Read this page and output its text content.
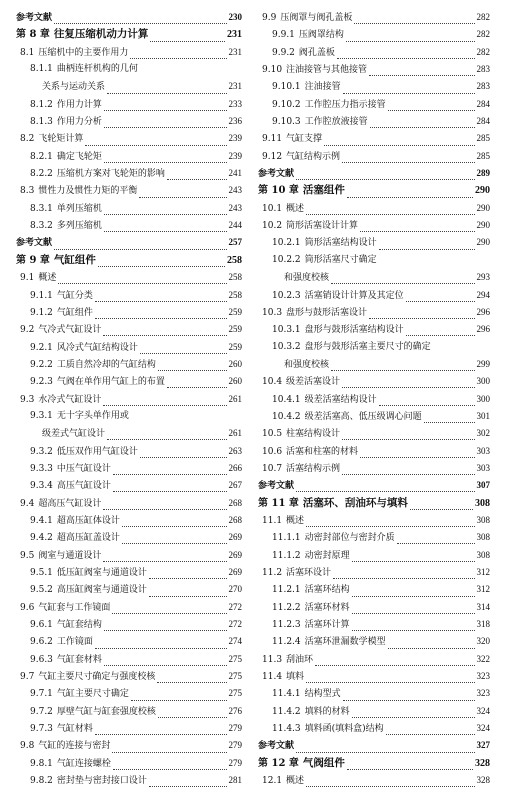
参考文献	230
第 8 章 往复压缩机动力计算	231
8.1 压缩机中的主要作用力	231
8.1.1 曲柄连杆机构的几何
关系与运动关系	231
8.1.2 作用力计算	233
8.1.3 作用力分析	236
8.2 飞轮矩计算	239
8.2.1 确定飞轮矩	239
8.2.2 压缩机方案对飞轮矩的影响	241
8.3 惯性力及惯性力矩的平衡	243
8.3.1 单列压缩机	243
8.3.2 多列压缩机	244
参考文献	257
第 9 章 气缸组件	258
9.1 概述	258
9.1.1 气缸分类	258
9.1.2 气缸组件	259
9.2 气冷式气缸设计	259
9.2.1 风冷式气缸结构设计	259
9.2.2 工质自然冷却的气缸结构	260
9.2.3 气阀在单作用气缸上的布置	260
9.3 水冷式气缸设计	261
9.3.1 无十字头单作用或
级差式气缸设计	261
9.3.2 低压双作用气缸设计	263
9.3.3 中压气缸设计	266
9.3.4 高压气缸设计	267
9.4 超高压气缸设计	268
9.4.1 超高压缸体设计	268
9.4.2 超高压缸盖设计	269
9.5 阀室与通道设计	269
9.5.1 低压缸阀室与通道设计	269
9.5.2 高压缸阀室与通道设计	270
9.6 气缸套与工作镜面	272
9.6.1 气缸套结构	272
9.6.2 工作镜面	274
9.6.3 气缸套材料	275
9.7 气缸主要尺寸确定与强度校核	275
9.7.1 气缸主要尺寸确定	275
9.7.2 厚壁气缸与缸套强度校核	276
9.7.3 气缸材料	279
9.8 气缸的连接与密封	279
9.8.1 气缸连接螺栓	279
9.8.2 密封垫与密封接口设计	281
9.9 压阀罩与阀孔盖板	282
9.9.1 压阀罩结构	282
9.9.2 阀孔盖板	282
9.10 注油接管与其他接管	283
9.10.1 注油接管	283
9.10.2 工作腔压力指示接管	284
9.10.3 工作腔放液接管	284
9.11 气缸支撑	285
9.12 气缸结构示例	285
参考文献	289
第 10 章 活塞组件	290
10.1 概述	290
10.2 筒形活塞设计计算	290
10.2.1 筒形活塞结构设计	290
10.2.2 筒形活塞尺寸确定
和强度校核	293
10.2.3 活塞销设计计算及其定位	294
10.3 盘形与鼓形活塞设计	296
10.3.1 盘形与鼓形活塞结构设计	296
10.3.2 盘形与鼓形活塞主要尺寸的确定
和强度校核	299
10.4 级差活塞设计	300
10.4.1 级差活塞结构设计	300
10.4.2 级差活塞高、低压级调心问题	301
10.5 柱塞结构设计	302
10.6 活塞和柱塞的材料	303
10.7 活塞结构示例	303
参考文献	307
第 11 章 活塞环、刮油环与填料	308
11.1 概述	308
11.1.1 动密封部位与密封介质	308
11.1.2 动密封原理	308
11.2 活塞环设计	312
11.2.1 活塞环结构	312
11.2.2 活塞环材料	314
11.2.3 活塞环计算	318
11.2.4 活塞环泄漏数学模型	320
11.3 刮油环	322
11.4 填料	323
11.4.1 结构型式	323
11.4.2 填料的材料	324
11.4.3 填料函(填料盒)结构	324
参考文献	327
第 12 章 气阀组件	328
12.1 概述	328
